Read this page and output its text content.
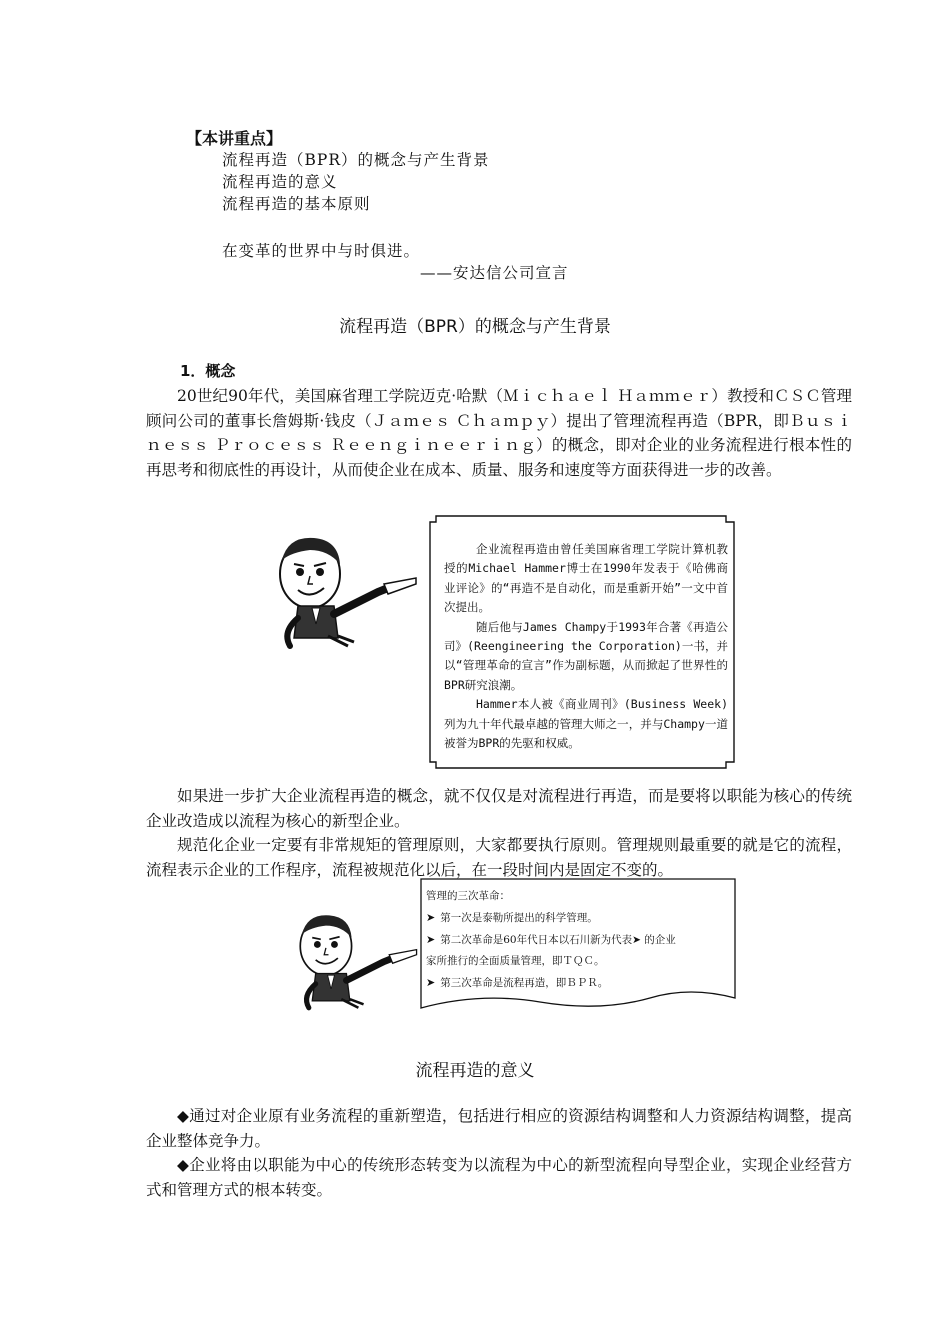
【本讲重点】
流程再造（BPR）的概念与产生背景
流程再造的意义
流程再造的基本原则
在变革的世界中与时俱进。
——安达信公司宣言
流程再造（BPR）的概念与产生背景
1．概念

20世纪90年代，美国麻省理工学院迈克·哈默（Ｍｉｃｈａｅｌ Ｈａｍｍｅｒ）教授和ＣＳＣ管理顾问公司的董事长詹姆斯·钱皮（Ｊａｍｅｓ Ｃｈａｍｐｙ）提出了管理流程再造（BPR，即Ｂｕｓｉｎｅｓｓ Ｐｒｏｃｅｓｓ Ｒｅｅｎｇｉｎｅｅｒｉｎｇ）的概念，即对企业的业务流程进行根本性的再思考和彻底性的再设计，从而使企业在成本、质量、服务和速度等方面获得进一步的改善。

企业流程再造由曾任美国麻省理工学院计算机教授的Michael Hammer博士在1990年发表于《哈佛商业评论》的“再造不是自动化，而是重新开始”一文中首次提出。

随后他与James Champy于1993年合著《再造公司》(Reengineering the Corporation)一书，并以“管理革命的宣言”作为副标题，从而掀起了世界性的BPR研究浪潮。

Hammer本人被《商业周刊》(Business Week)列为九十年代最卓越的管理大师之一，并与Champy一道被誉为BPR的先驱和权威。

如果进一步扩大企业流程再造的概念，就不仅仅是对流程进行再造，而是要将以职能为核心的传统企业改造成以流程为核心的新型企业。

规范化企业一定要有非常规矩的管理原则，大家都要执行原则。管理规则最重要的就是它的流程，流程表示企业的工作程序，流程被规范化以后，在一段时间内是固定不变的。

管理的三次革命：
➤ 第一次是泰勒所提出的科学管理。
➤ 第二次革命是60年代日本以石川新为代表➤ 的企业
家所推行的全面质量管理，即ＴＱＣ。
➤ 第三次革命是流程再造，即ＢＰＲ。
流程再造的意义

◆通过对企业原有业务流程的重新塑造，包括进行相应的资源结构调整和人力资源结构调整，提高企业整体竞争力。

◆企业将由以职能为中心的传统形态转变为以流程为中心的新型流程向导型企业，实现企业经营方式和管理方式的根本转变。
